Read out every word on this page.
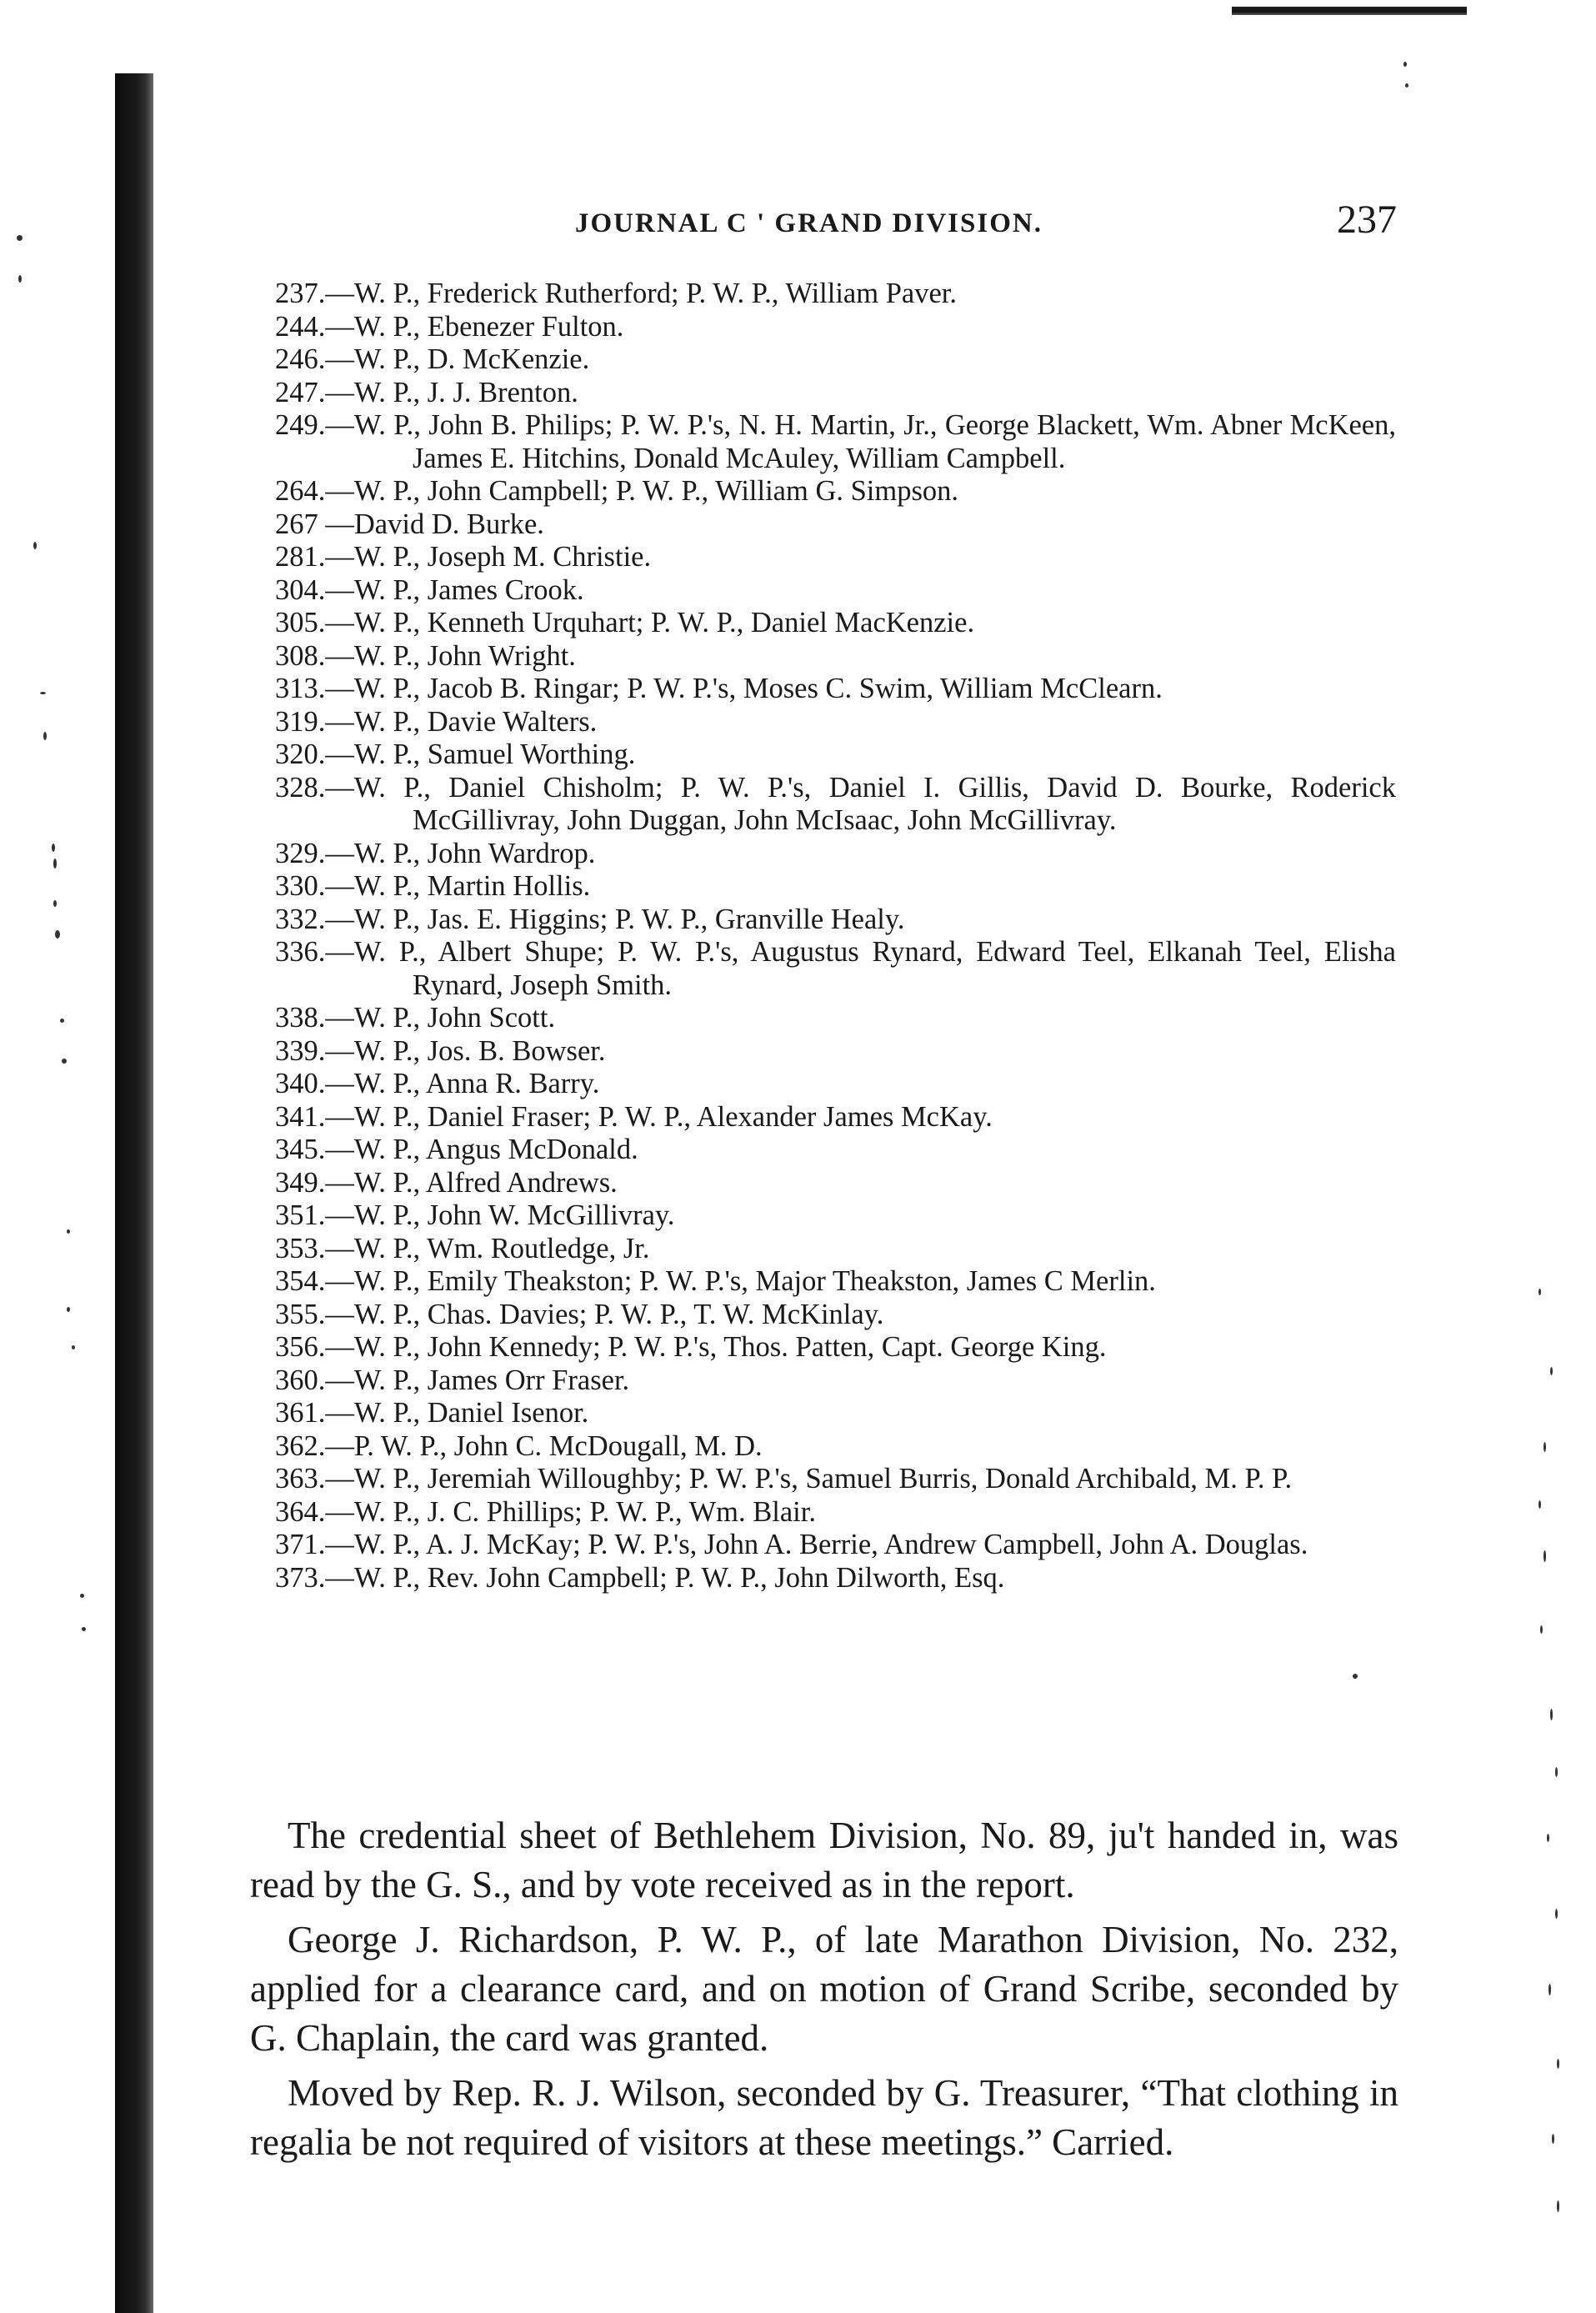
JOURNAL C ' GRAND DIVISION.	237
237.—W. P., Frederick Rutherford; P. W. P., William Paver.
244.—W. P., Ebenezer Fulton.
246.—W. P., D. McKenzie.
247.—W. P., J. J. Brenton.
249.—W. P., John B. Philips; P. W. P.'s, N. H. Martin, Jr., George Blackett, Wm. Abner McKeen, James E. Hitchins, Donald McAuley, William Campbell.
264.—W. P., John Campbell; P. W. P., William G. Simpson.
267 —David D. Burke.
281.—W. P., Joseph M. Christie.
304.—W. P., James Crook.
305.—W. P., Kenneth Urquhart; P. W. P., Daniel MacKenzie.
308.—W. P., John Wright.
313.—W. P., Jacob B. Ringar; P. W. P.'s, Moses C. Swim, William McClearn.
319.—W. P., Davie Walters.
320.—W. P., Samuel Worthing.
328.—W. P., Daniel Chisholm; P. W. P.'s, Daniel I. Gillis, David D. Bourke, Roderick McGillivray, John Duggan, John McIsaac, John McGillivray.
329.—W. P., John Wardrop.
330.—W. P., Martin Hollis.
332.—W. P., Jas. E. Higgins; P. W. P., Granville Healy.
336.—W. P., Albert Shupe; P. W. P.'s, Augustus Rynard, Edward Teel, Elkanah Teel, Elisha Rynard, Joseph Smith.
338.—W. P., John Scott.
339.—W. P., Jos. B. Bowser.
340.—W. P., Anna R. Barry.
341.—W. P., Daniel Fraser; P. W. P., Alexander James McKay.
345.—W. P., Angus McDonald.
349.—W. P., Alfred Andrews.
351.—W. P., John W. McGillivray.
353.—W. P., Wm. Routledge, Jr.
354.—W. P., Emily Theakston; P. W. P.'s, Major Theakston, James C Merlin.
355.—W. P., Chas. Davies; P. W. P., T. W. McKinlay.
356.—W. P., John Kennedy; P. W. P.'s, Thos. Patten, Capt. George King.
360.—W. P., James Orr Fraser.
361.—W. P., Daniel Isenor.
362.—P. W. P., John C. McDougall, M. D.
363.—W. P., Jeremiah Willoughby; P. W. P.'s, Samuel Burris, Donald Archibald, M. P. P.
364.—W. P., J. C. Phillips; P. W. P., Wm. Blair.
371.—W. P., A. J. McKay; P. W. P.'s, John A. Berrie, Andrew Campbell, John A. Douglas.
373.—W. P., Rev. John Campbell; P. W. P., John Dilworth, Esq.

The credential sheet of Bethlehem Division, No. 89, ju't handed in, was read by the G. S., and by vote received as in the report.

George J. Richardson, P. W. P., of late Marathon Division, No. 232, applied for a clearance card, and on motion of Grand Scribe, seconded by G. Chaplain, the card was granted.

Moved by Rep. R. J. Wilson, seconded by G. Treasurer, “That clothing in regalia be not required of visitors at these meetings.” Carried.
